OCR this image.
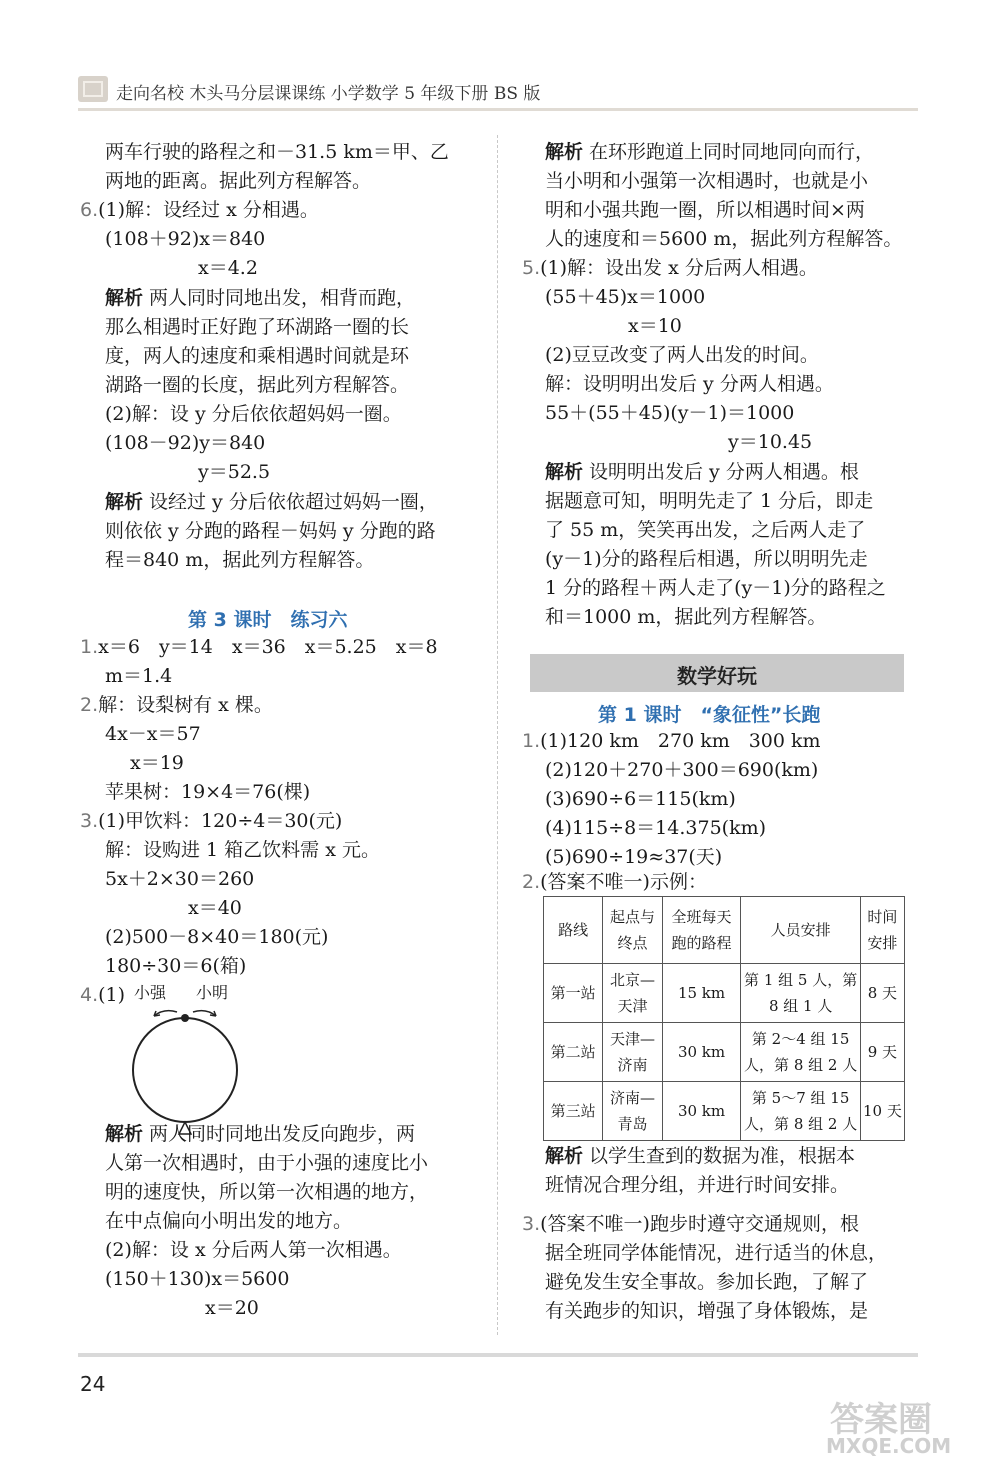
走向名校 木头马分层课课练 小学数学 5 年级下册 BS 版
两车行驶的路程之和－31.5 km＝甲、乙
两地的距离。据此列方程解答。
6.(1)解：设经过 x 分相遇。
(108＋92)x＝840
x＝4.2
解析 两人同时同地出发，相背而跑，
那么相遇时正好跑了环湖路一圈的长
度，两人的速度和乘相遇时间就是环
湖路一圈的长度，据此列方程解答。
(2)解：设 y 分后依依超妈妈一圈。
(108－92)y＝840
y＝52.5
解析 设经过 y 分后依依超过妈妈一圈，
则依依 y 分跑的路程－妈妈 y 分跑的路
程＝840 m，据此列方程解答。
第 3 课时　练习六
1.x＝6　y＝14　x＝36　x＝5.25　x＝8
m＝1.4
2.解：设梨树有 x 棵。
4x－x＝57
x＝19
苹果树：19×4＝76(棵)
3.(1)甲饮料：120÷4＝30(元)
解：设购进 1 箱乙饮料需 x 元。
5x＋2×30＝260
x＝40
(2)500－8×40＝180(元)
180÷30＝6(箱)
4.(1) 小强 小明
解析 两人同时同地出发反向跑步，两
人第一次相遇时，由于小强的速度比小
明的速度快，所以第一次相遇的地方，
在中点偏向小明出发的地方。
(2)解：设 x 分后两人第一次相遇。
(150＋130)x＝5600
x＝20
解析 在环形跑道上同时同地同向而行，
当小明和小强第一次相遇时，也就是小
明和小强共跑一圈，所以相遇时间×两
人的速度和＝5600 m，据此列方程解答。
5.(1)解：设出发 x 分后两人相遇。
(55＋45)x＝1000
x＝10
(2)豆豆改变了两人出发的时间。
解：设明明出发后 y 分两人相遇。
55＋(55＋45)(y－1)＝1000
y＝10.45
解析 设明明出发后 y 分两人相遇。根
据题意可知，明明先走了 1 分后，即走
了 55 m，笑笑再出发，之后两人走了
(y－1)分的路程后相遇，所以明明先走
1 分的路程＋两人走了(y－1)分的路程之
和＝1000 m，据此列方程解答。
数学好玩
第 1 课时　“象征性”长跑
1.(1)120 km　270 km　300 km
(2)120＋270＋300＝690(km)
(3)690÷6＝115(km)
(4)115÷8＝14.375(km)
(5)690÷19≈37(天)
2.(答案不唯一)示例：
路线	起点与终点	全班每天跑的路程	人员安排	时间安排
第一站	北京—天津	15 km	第 1 组 5 人，第 8 组 1 人	8 天
第二站	天津—济南	30 km	第 2～4 组 15 人，第 8 组 2 人	9 天
第三站	济南—青岛	30 km	第 5～7 组 15 人，第 8 组 2 人	10 天
解析 以学生查到的数据为准，根据本
班情况合理分组，并进行时间安排。
3.(答案不唯一)跑步时遵守交通规则，根
据全班同学体能情况，进行适当的休息，
避免发生安全事故。参加长跑，了解了
有关跑步的知识，增强了身体锻炼，是
24
答案圈
MXQE.COM
